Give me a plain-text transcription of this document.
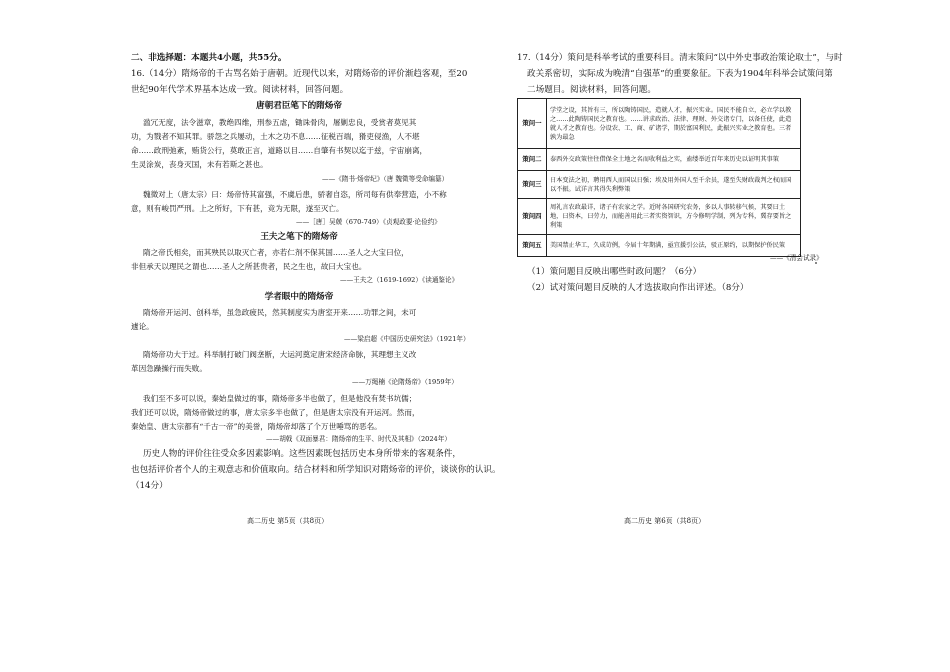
二、非选择题：本题共4小题，共55分。
16.（14分）隋炀帝的千古骂名始于唐朝。近现代以来，对隋炀帝的评价渐趋客观，至20
世纪90年代学术界基本达成一致。阅读材料，回答问题。
唐朝君臣笔下的隋炀帝
滥冗无度，法令滋章，教绝四维，刑参五虐，锄诛骨肉，屠剿忠良，受赏者莫见其
功，为戮者不知其罪。骄怨之兵屡动，土木之功不息……征税百端，猾吏侵渔，人不堪
命……政刑弛紊，贿货公行，莫敢正言，道路以目……自肇有书契以迄于兹，宇宙崩离，
生灵涂炭，丧身灭国，未有若斯之甚也。
——《隋书·炀帝纪》（唐 魏徵等受命编纂）
魏徵对上（唐太宗）曰：炀帝恃其富强，不虞后患，骄奢自恣，所司每有供奉营造，小不称
意，则有峻罚严刑。上之所好，下有甚，竞为无限，遂至灭亡。
——［唐］吴兢（670-749）《贞观政要·论俭约》
王夫之笔下的隋炀帝
隋之帝氏相矣，而其殃民以取灭亡者，亦若仁剂不保其国……圣人之大宝曰位，
非但承天以理民之谓也……圣人之所甚贵者，民之生也，故曰大宝也。
——王夫之（1619-1692）《读通鉴论》
学者眼中的隋炀帝
隋炀帝开运河、创科举，虽急政疲民，然其制度实为唐室开来……功罪之间，未可
遽论。
——梁启超《中国历史研究法》（1921年）
隋炀帝功大于过。科举制打破门阀垄断，大运河奠定唐宋经济命脉，其理想主义改
革因急躁操行而失败。
——万绳楠《论隋炀帝》（1959年）
我们至不多可以说，秦始皇做过的事，隋炀帝多半也做了，但是他没有焚书坑儒；
我们还可以说，隋炀帝做过的事，唐太宗多半也做了，但是唐太宗没有开运河。然而，
秦始皇、唐太宗都有“千古一帝”的美誉，隋炀帝却落了个万世唾骂的恶名。
——胡戟《双面暴君：隋炀帝的生平、时代及其相》（2024年）
历史人物的评价往往受众多因素影响。这些因素既包括历史本身所带来的客观条件，
也包括评价者个人的主观意志和价值取向。结合材料和所学知识对隋炀帝的评价，谈谈你的认识。
（14分）
高二历史 第5页（共8页）
17.（14分）策问是科举考试的重要科目。清末策问“以中外史事政治策论取士”，与时
政关系密切，实际成为晚清“自强革”的重要象征。下表为1904年科举会试策问第
二场题目。阅读材料，回答问题。
策问一	学堂之设，其旨有三，所以陶铸国民，造就人才，振兴实业。国民不能自立，必立学以教之……此陶铸国民之教育也。……讲求政治、法律、理财、外交诸专门，以备任使，此造就人才之教育也。分设农、工、商、矿诸学，期於富国利民，此振兴实业之教育也。三者孰为最急
策问二	泰西外交政策往往借保全土地之名而收利益之实，盍缕举近百年来历史以证明其事策
策问三	日本变法之初，聘用西人而国以日强；埃及用外国人至千余员，遂至失财政裁判之权而国以不振。试详言其得失利弊策
策问四	周礼言农政最详，诸子有农家之学。近时各国研究农务，多以人事转移气候，其要曰土地，曰资本，曰劳力，而能善用此三者实资智识，方今修明学制，列为专科，冀存要旨之利策
策问五	美国禁止华工，久成苛例，今届十年期满，亟宜援引公法，驳正原约，以期保护侨民策
——《清会试录》
（1）策问题目反映出哪些时政问题？（6分）
（2）试对策问题目反映的人才选拔取向作出评述。（8分）
高二历史 第6页（共8页）
